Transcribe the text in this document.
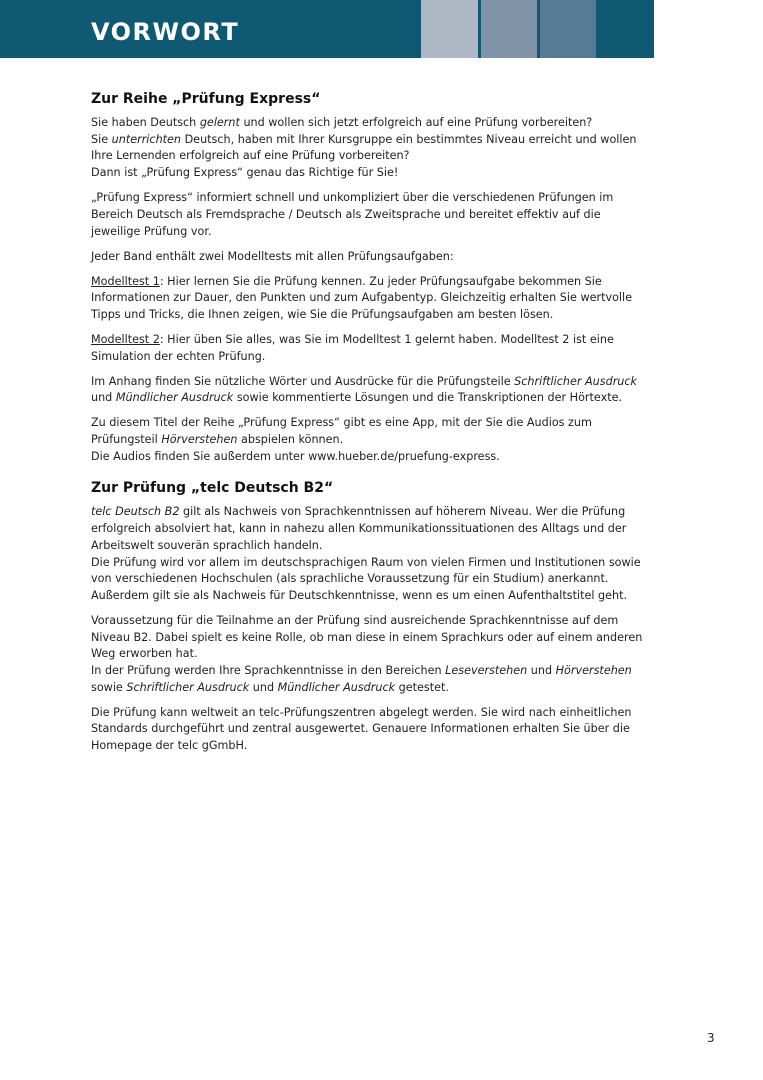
VORWORT
Zur Reihe „Prüfung Express“

Sie haben Deutsch gelernt und wollen sich jetzt erfolgreich auf eine Prüfung vorbereiten?
Sie unterrichten Deutsch, haben mit Ihrer Kursgruppe ein bestimmtes Niveau erreicht und wollen Ihre Lernenden erfolgreich auf eine Prüfung vorbereiten?
Dann ist „Prüfung Express“ genau das Richtige für Sie!

„Prüfung Express“ informiert schnell und unkompliziert über die verschiedenen Prüfungen im Bereich Deutsch als Fremdsprache / Deutsch als Zweitsprache und bereitet effektiv auf die jeweilige Prüfung vor.

Jeder Band enthält zwei Modelltests mit allen Prüfungsaufgaben:

Modelltest 1: Hier lernen Sie die Prüfung kennen. Zu jeder Prüfungsaufgabe bekommen Sie Informationen zur Dauer, den Punkten und zum Aufgabentyp. Gleichzeitig erhalten Sie wertvolle Tipps und Tricks, die Ihnen zeigen, wie Sie die Prüfungsaufgaben am besten lösen.

Modelltest 2: Hier üben Sie alles, was Sie im Modelltest 1 gelernt haben. Modelltest 2 ist eine Simulation der echten Prüfung.

Im Anhang finden Sie nützliche Wörter und Ausdrücke für die Prüfungsteile Schriftlicher Ausdruck und Mündlicher Ausdruck sowie kommentierte Lösungen und die Transkriptionen der Hörtexte.

Zu diesem Titel der Reihe „Prüfung Express“ gibt es eine App, mit der Sie die Audios zum Prüfungsteil Hörverstehen abspielen können.
Die Audios finden Sie außerdem unter www.hueber.de/pruefung-express.

Zur Prüfung „telc Deutsch B2“

telc Deutsch B2 gilt als Nachweis von Sprachkenntnissen auf höherem Niveau. Wer die Prüfung erfolgreich absolviert hat, kann in nahezu allen Kommunikationssituationen des Alltags und der Arbeitswelt souverän sprachlich handeln.
Die Prüfung wird vor allem im deutschsprachigen Raum von vielen Firmen und Institutionen sowie von verschiedenen Hochschulen (als sprachliche Voraussetzung für ein Studium) anerkannt. Außerdem gilt sie als Nachweis für Deutschkenntnisse, wenn es um einen Aufenthaltstitel geht.

Voraussetzung für die Teilnahme an der Prüfung sind ausreichende Sprachkenntnisse auf dem Niveau B2. Dabei spielt es keine Rolle, ob man diese in einem Sprachkurs oder auf einem anderen Weg erworben hat.
In der Prüfung werden Ihre Sprachkenntnisse in den Bereichen Leseverstehen und Hörverstehen sowie Schriftlicher Ausdruck und Mündlicher Ausdruck getestet.

Die Prüfung kann weltweit an telc-Prüfungszentren abgelegt werden. Sie wird nach einheitlichen Standards durchgeführt und zentral ausgewertet. Genauere Informationen erhalten Sie über die Homepage der telc gGmbH.

3
